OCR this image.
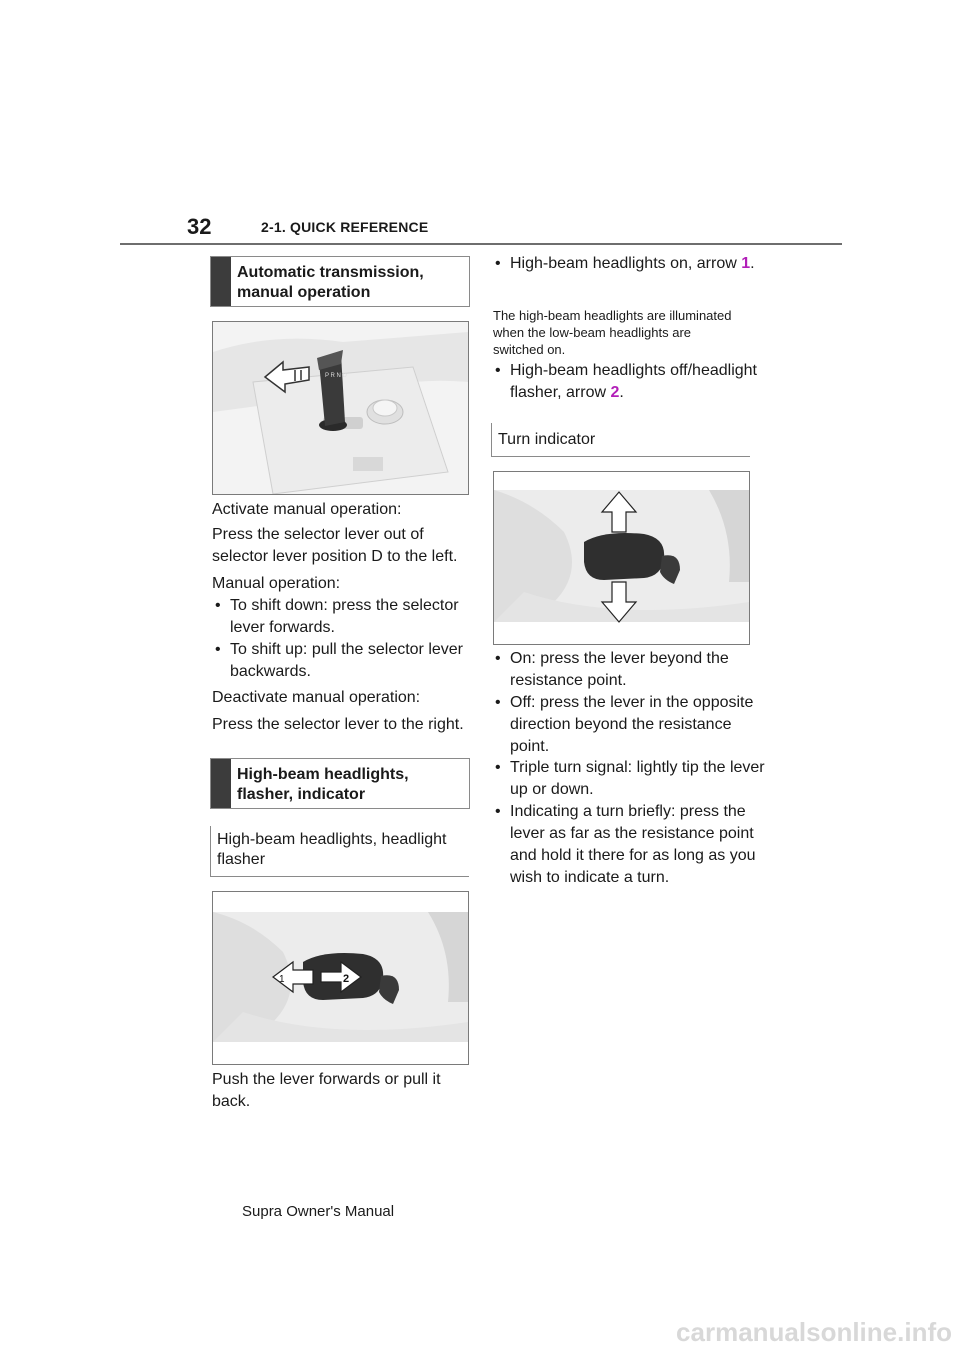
32	2-1. QUICK REFERENCE
Automatic transmission, manual operation
P R N D
Activate manual operation:
Press the selector lever out of selector lever position D to the left.
Manual operation:
• To shift down: press the selector lever forwards.
• To shift up: pull the selector lever backwards.
Deactivate manual operation:
Press the selector lever to the right.
High-beam headlights, flasher, indicator
High-beam headlights, headlight flasher
2
1
Push the lever forwards or pull it back.
• High-beam headlights on, arrow 1.
The high-beam headlights are illuminated when the low-beam headlights are switched on.
• High-beam headlights off/headlight flasher, arrow 2.
Turn indicator
• On: press the lever beyond the resistance point.
• Off: press the lever in the opposite direction beyond the resistance point.
• Triple turn signal: lightly tip the lever up or down.
• Indicating a turn briefly: press the lever as far as the resistance point and hold it there for as long as you wish to indicate a turn.
Supra Owner's Manual
carmanualsonline.info
